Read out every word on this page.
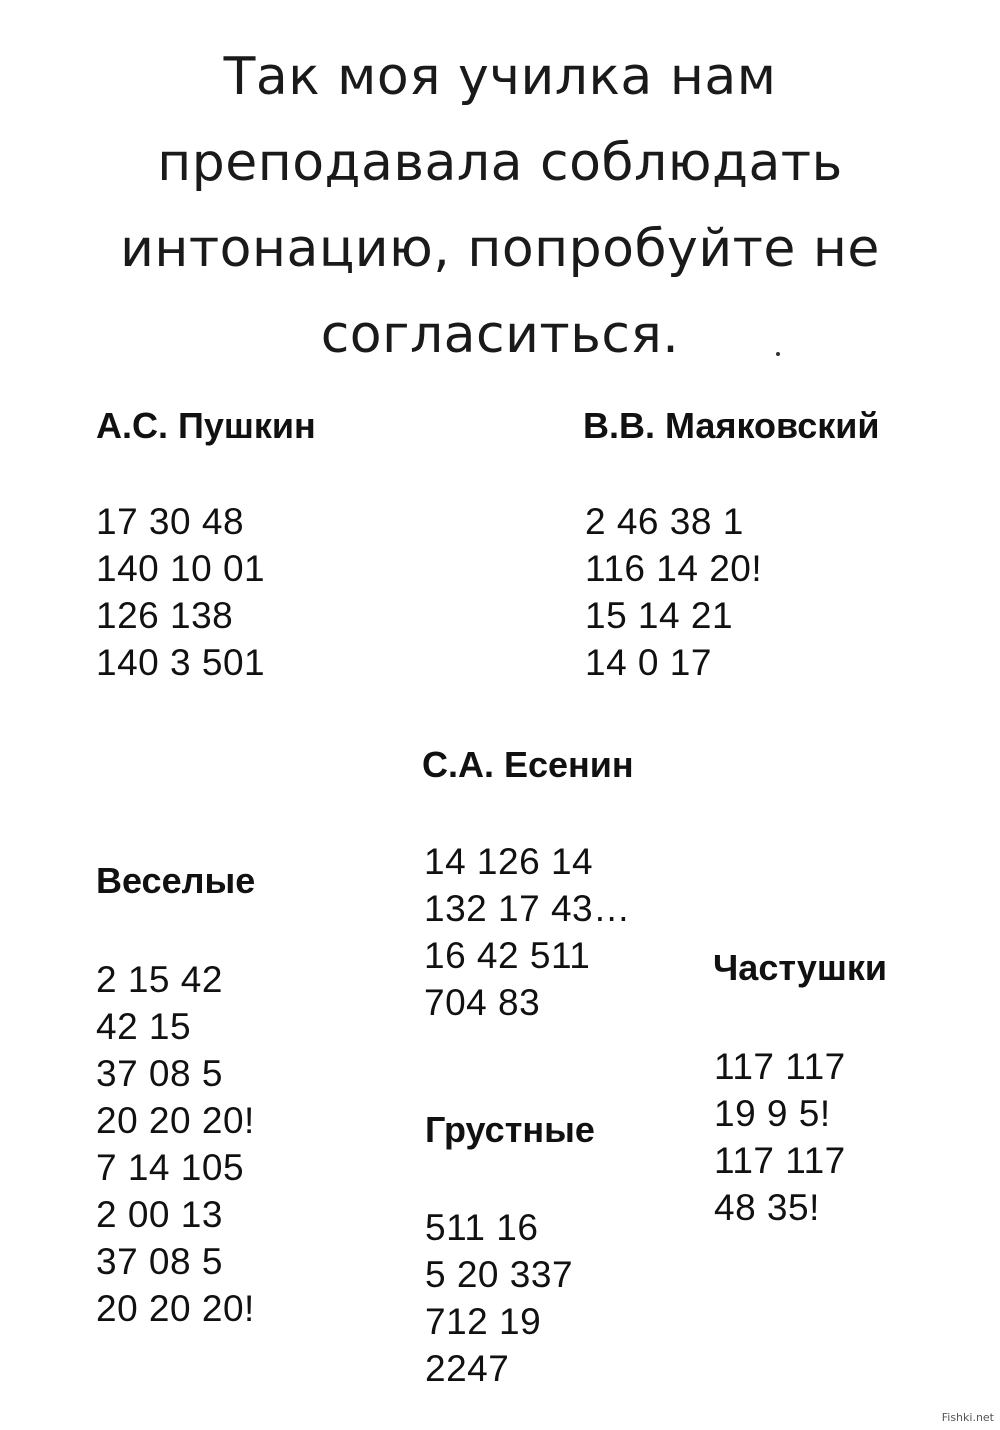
Так моя училка нам
преподавала соблюдать
интонацию, попробуйте не
согласиться.
А.С. Пушкин
17 30 48
140 10 01
126 138
140 3 501
В.В. Маяковский
2 46 38 1
116 14 20!
15 14 21
14 0 17
С.А. Есенин
14 126 14
132 17 43…
16 42 511
704 83
Веселые
2 15 42
42 15
37 08 5
20 20 20!
7 14 105
2 00 13
37 08 5
20 20 20!
Грустные
511 16
5 20 337
712 19
2247
Частушки
117 117
19 9 5!
117 117
48 35!
Fishki.net
